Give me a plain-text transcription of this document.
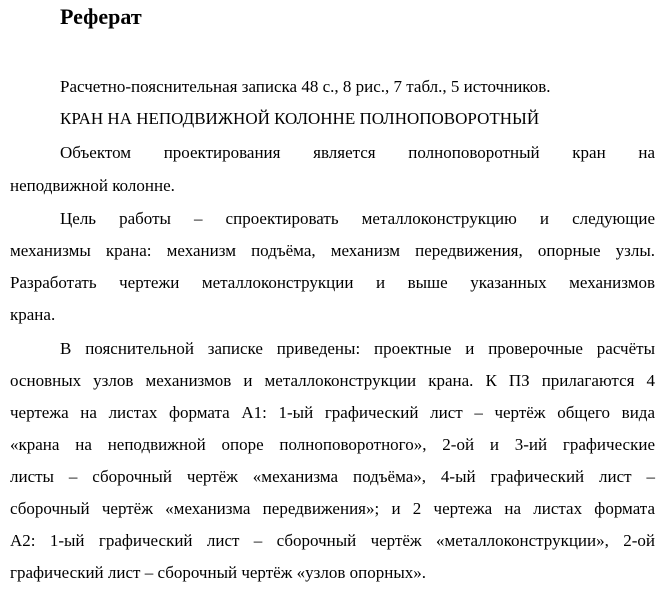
Реферат

Расчетно-пояснительная записка 48 с., 8 рис., 7 табл., 5 источников.

КРАН НА НЕПОДВИЖНОЙ КОЛОННЕ ПОЛНОПОВОРОТНЫЙ

Объектом проектирования является полноповоротный кран на

неподвижной колонне.

Цель работы – спроектировать металлоконструкцию и следующие

механизмы крана: механизм подъёма, механизм передвижения, опорные узлы.

Разработать чертежи металлоконструкции и выше указанных механизмов

крана.

В пояснительной записке приведены: проектные и проверочные расчёты

основных узлов механизмов и металлоконструкции крана. К ПЗ прилагаются 4

чертежа на листах формата А1: 1-ый графический лист – чертёж общего вида

«крана на неподвижной опоре полноповоротного», 2-ой и 3-ий графические

листы – сборочный чертёж «механизма подъёма», 4-ый графический лист –

сборочный чертёж «механизма передвижения»; и 2 чертежа на листах формата

А2: 1-ый графический лист – сборочный чертёж «металлоконструкции», 2-ой

графический лист – сборочный чертёж «узлов опорных».
